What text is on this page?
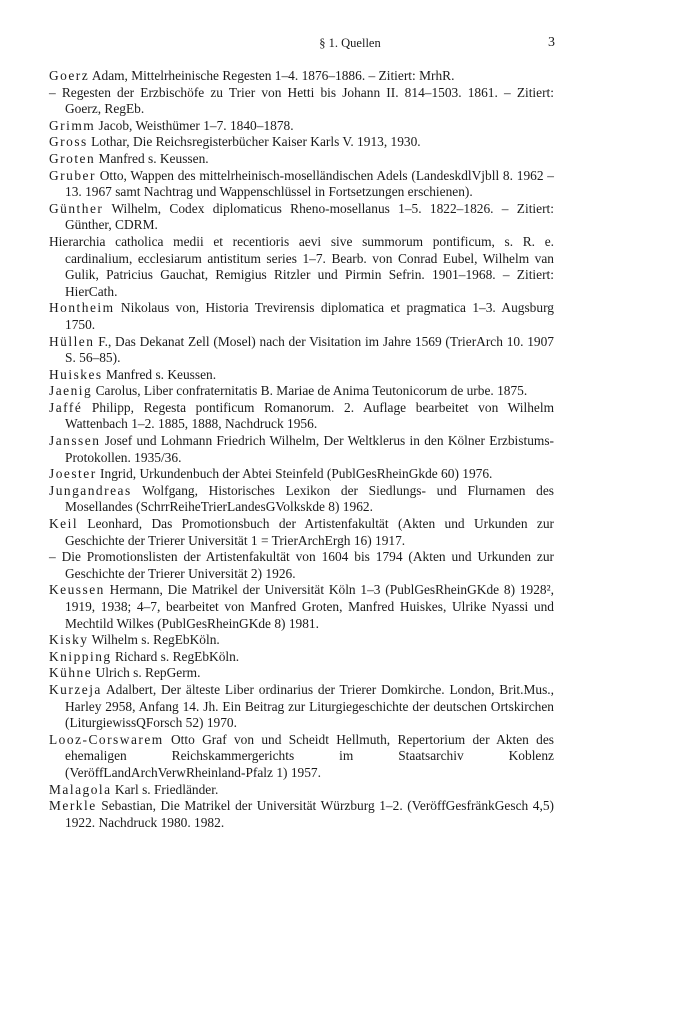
§ 1. Quellen	3
Goerz Adam, Mittelrheinische Regesten 1–4. 1876–1886. – Zitiert: MrhR.
– Regesten der Erzbischöfe zu Trier von Hetti bis Johann II. 814–1503. 1861. – Zitiert: Goerz, RegEb.
Grimm Jacob, Weisthümer 1–7. 1840–1878.
Gross Lothar, Die Reichsregisterbücher Kaiser Karls V. 1913, 1930.
Groten Manfred s. Keussen.
Gruber Otto, Wappen des mittelrheinisch-moselländischen Adels (LandeskdlVjbll 8. 1962 – 13. 1967 samt Nachtrag und Wappenschlüssel in Fortsetzungen erschienen).
Günther Wilhelm, Codex diplomaticus Rheno-mosellanus 1–5. 1822–1826. – Zitiert: Günther, CDRM.
Hierarchia catholica medii et recentioris aevi sive summorum pontificum, s. R. e. cardinalium, ecclesiarum antistitum series 1–7. Bearb. von Conrad Eubel, Wilhelm van Gulik, Patricius Gauchat, Remigius Ritzler und Pirmin Sefrin. 1901–1968. – Zitiert: HierCath.
Hontheim Nikolaus von, Historia Trevirensis diplomatica et pragmatica 1–3. Augsburg 1750.
Hüllen F., Das Dekanat Zell (Mosel) nach der Visitation im Jahre 1569 (TrierArch 10. 1907 S. 56–85).
Huiskes Manfred s. Keussen.
Jaenig Carolus, Liber confraternitatis B. Mariae de Anima Teutonicorum de urbe. 1875.
Jaffé Philipp, Regesta pontificum Romanorum. 2. Auflage bearbeitet von Wilhelm Wattenbach 1–2. 1885, 1888, Nachdruck 1956.
Janssen Josef und Lohmann Friedrich Wilhelm, Der Weltklerus in den Kölner Erzbistums-Protokollen. 1935/36.
Joester Ingrid, Urkundenbuch der Abtei Steinfeld (PublGesRheinGkde 60) 1976.
Jungandreas Wolfgang, Historisches Lexikon der Siedlungs- und Flurnamen des Mosellandes (SchrrReiheTrierLandesGVolkskde 8) 1962.
Keil Leonhard, Das Promotionsbuch der Artistenfakultät (Akten und Urkunden zur Geschichte der Trierer Universität 1 = TrierArchErgh 16) 1917.
– Die Promotionslisten der Artistenfakultät von 1604 bis 1794 (Akten und Urkunden zur Geschichte der Trierer Universität 2) 1926.
Keussen Hermann, Die Matrikel der Universität Köln 1–3 (PublGesRheinGKde 8) 1928², 1919, 1938; 4–7, bearbeitet von Manfred Groten, Manfred Huiskes, Ulrike Nyassi und Mechtild Wilkes (PublGesRheinGKde 8) 1981.
Kisky Wilhelm s. RegEbKöln.
Knipping Richard s. RegEbKöln.
Kühne Ulrich s. RepGerm.
Kurzeja Adalbert, Der älteste Liber ordinarius der Trierer Domkirche. London, Brit.Mus., Harley 2958, Anfang 14. Jh. Ein Beitrag zur Liturgiegeschichte der deutschen Ortskirchen (LiturgiewissQForsch 52) 1970.
Looz-Corswarem Otto Graf von und Scheidt Hellmuth, Repertorium der Akten des ehemaligen Reichskammergerichts im Staatsarchiv Koblenz (VeröffLandArchVerwRheinland-Pfalz 1) 1957.
Malagola Karl s. Friedländer.
Merkle Sebastian, Die Matrikel der Universität Würzburg 1–2. (VeröffGesfränkGesch 4,5) 1922. Nachdruck 1980. 1982.
